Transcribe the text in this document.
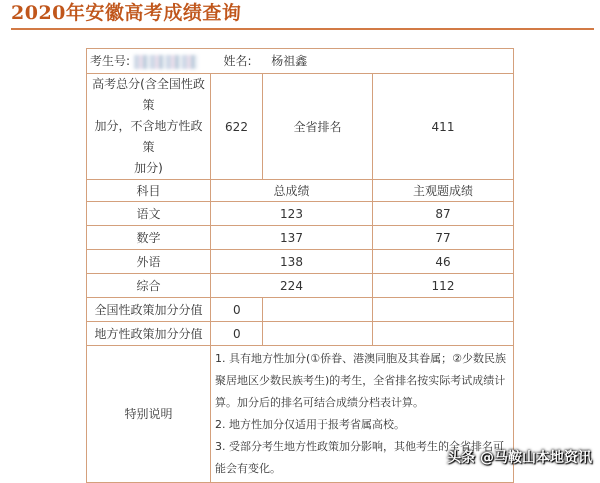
2020年安徽高考成绩查询
考生号: 姓名: 杨祖鑫			
高考总分(含全国性政策
加分，不含地方性政策
加分)	622	全省排名	411
科目	总成绩		主观题成绩
语文	123		87
数学	137		77
外语	138		46
综合	224		112
全国性政策加分分值	0		
地方性政策加分分值	0		
特别说明	1. 具有地方性加分(①侨眷、港澳同胞及其眷属；②少数民族聚居地区少数民族考生)的考生，全省排名按实际考试成绩计算。加分后的排名可结合成绩分档表计算。

2. 地方性加分仅适用于报考省属高校。

3. 受部分考生地方性政策加分影响，其他考生的全省排名可能会有变化。		

头条 @马鞍山本地资讯
